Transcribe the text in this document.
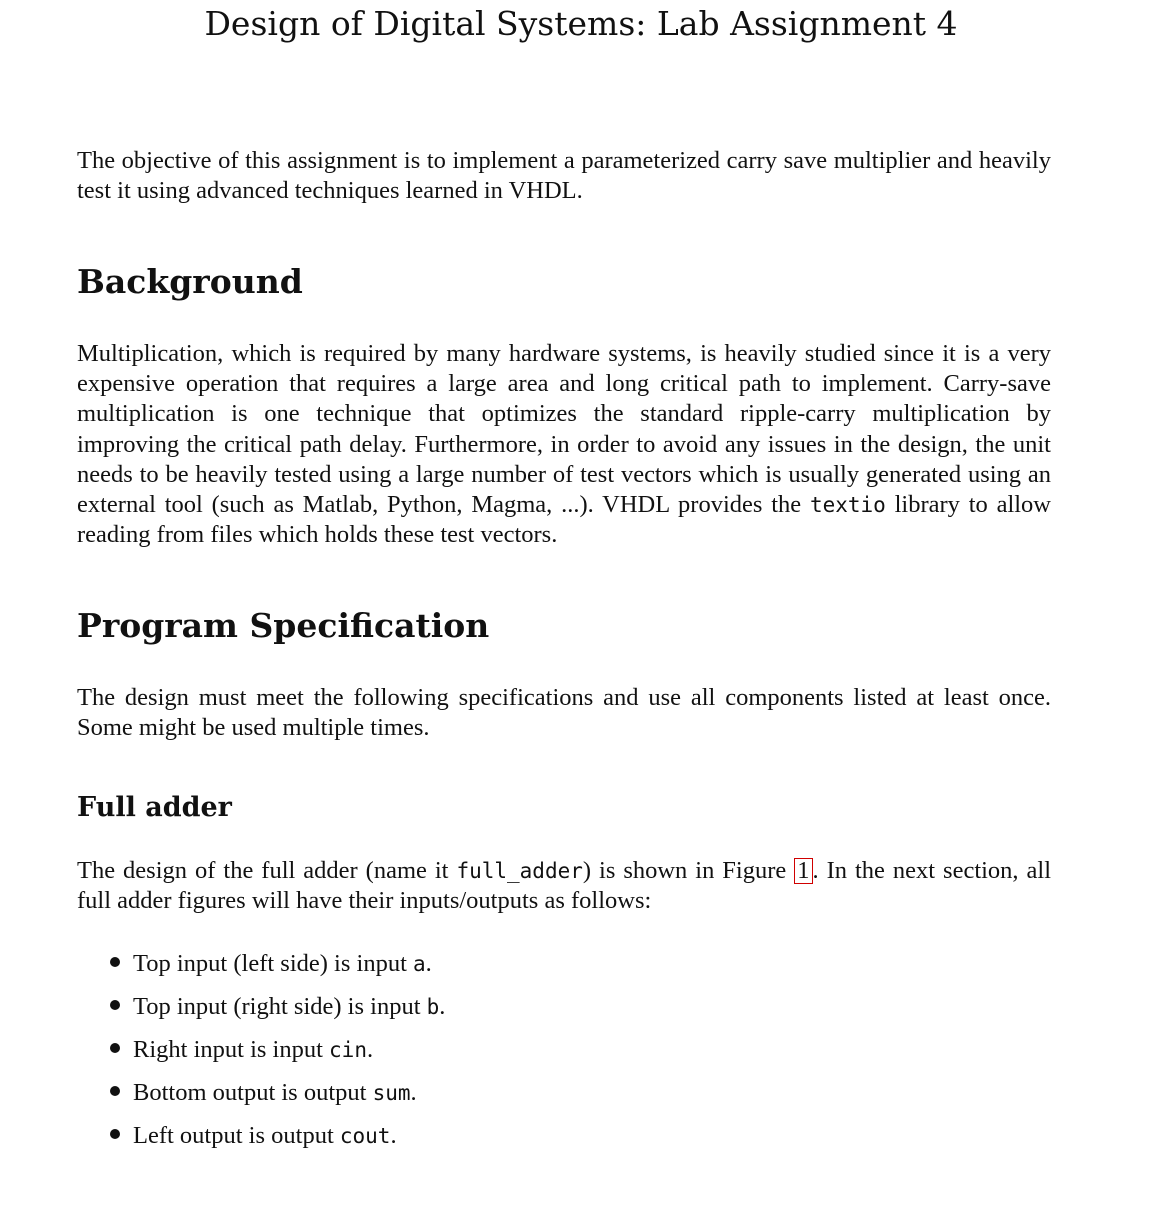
Design of Digital Systems: Lab Assignment 4

The objective of this assignment is to implement a parameterized carry save multiplier and heavily test it using advanced techniques learned in VHDL.

Background

Multiplication, which is required by many hardware systems, is heavily studied since it is a very expensive operation that requires a large area and long critical path to implement. Carry-save multiplication is one technique that optimizes the standard ripple-carry multiplication by improving the critical path delay. Furthermore, in order to avoid any issues in the design, the unit needs to be heavily tested using a large number of test vectors which is usually generated using an external tool (such as Matlab, Python, Magma, ...). VHDL provides the textio library to allow reading from files which holds these test vectors.

Program Specification

The design must meet the following specifications and use all components listed at least once. Some might be used multiple times.

Full adder

The design of the full adder (name it full_adder) is shown in Figure 1 . In the next section, all full adder figures will have their inputs/outputs as follows:

Top input (left side) is input a.
Top input (right side) is input b.
Right input is input cin.
Bottom output is output sum.
Left output is output cout.
